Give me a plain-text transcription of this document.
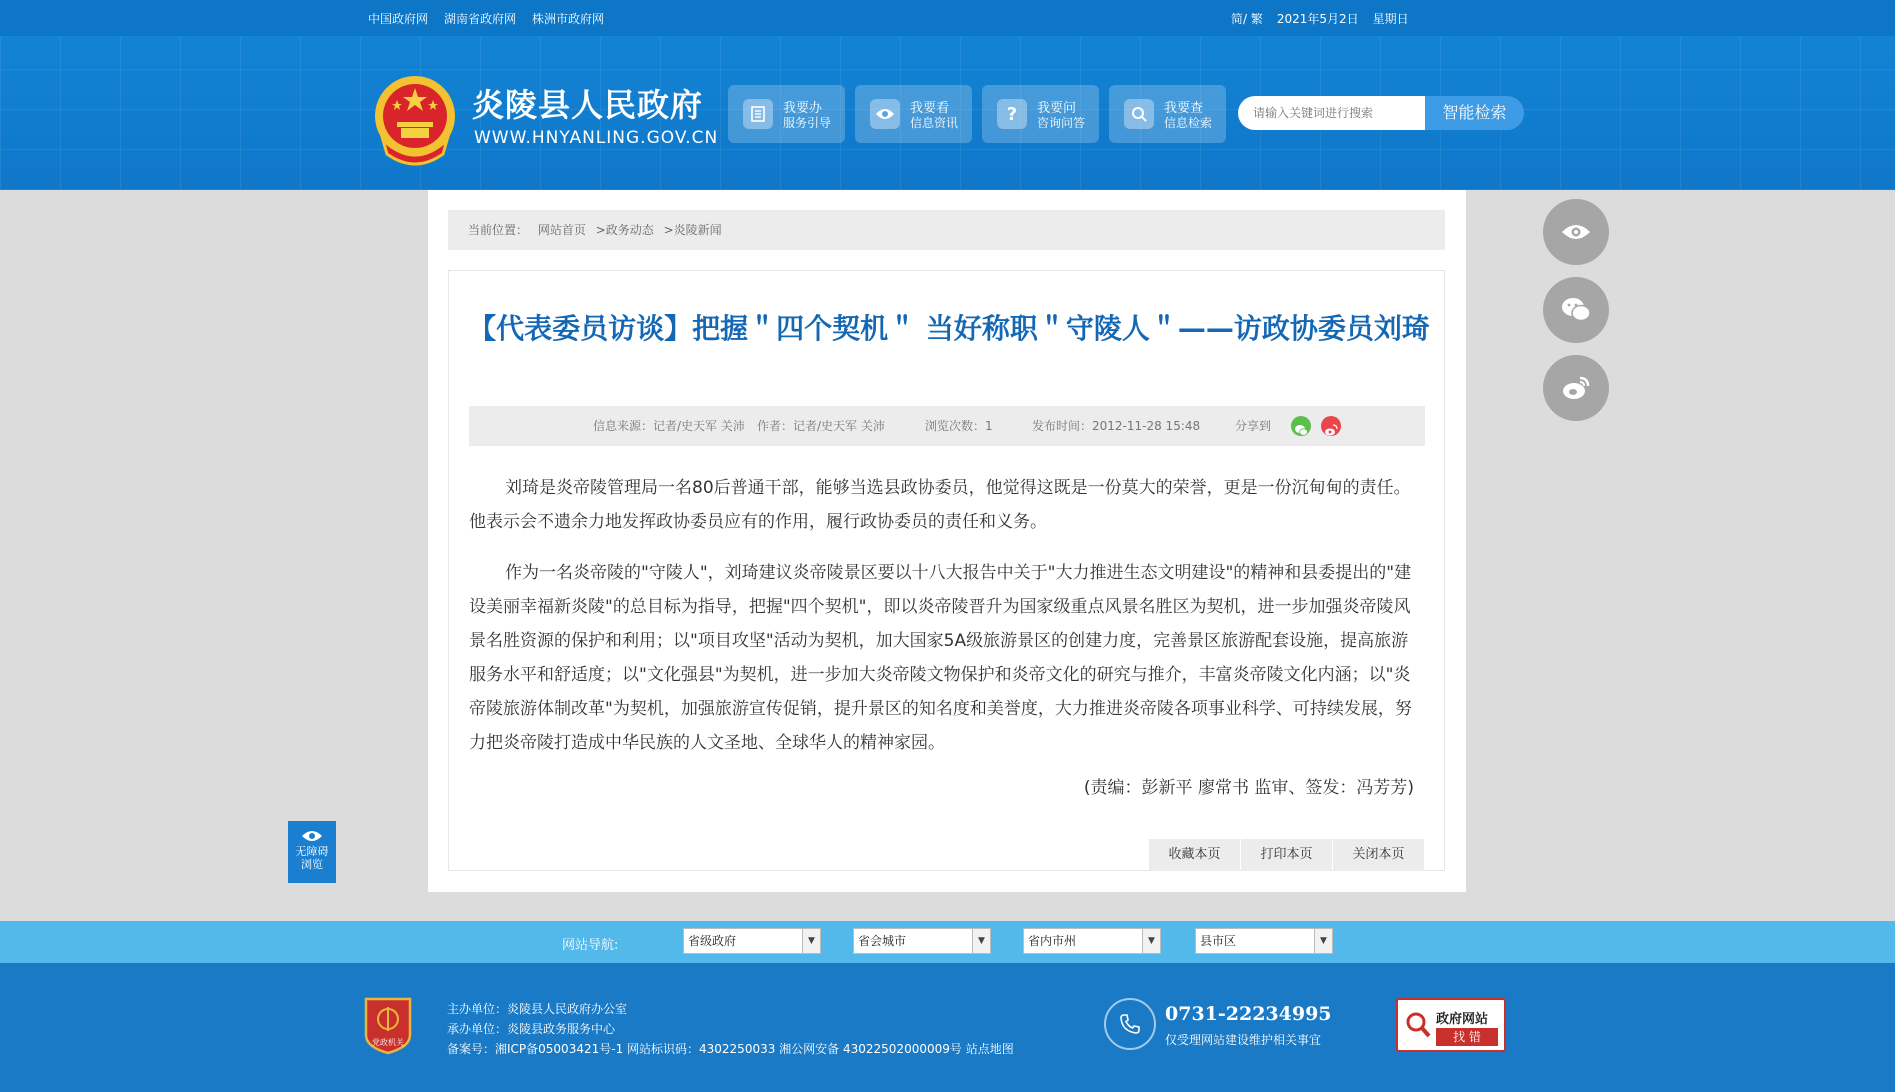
中国政府网 湖南省政府网 株洲市政府网	简/ 繁 2021年5月2日 星期日
炎陵县人民政府
WWW.HNYANLING.GOV.CN
我要办
服务引导
我要看
信息资讯	? 我要问
咨询问答
我要查
信息检索
请输入关键词进行搜索
智能检索
当前位置： 网站首页 >政务动态 >炎陵新闻
【代表委员访谈】把握＂四个契机＂ 当好称职＂守陵人＂——访政协委员刘琦
信息来源：记者/史天军 关沛 作者：记者/史天军 关沛	浏览次数：1	发布时间：2012-11-28 15:48	分享到
刘琦是炎帝陵管理局一名80后普通干部，能够当选县政协委员，他觉得这既是一份莫大的荣誉，更是一份沉甸甸的责任。他表示会不遗余力地发挥政协委员应有的作用，履行政协委员的责任和义务。
作为一名炎帝陵的"守陵人"，刘琦建议炎帝陵景区要以十八大报告中关于"大力推进生态文明建设"的精神和县委提出的"建设美丽幸福新炎陵"的总目标为指导，把握"四个契机"，即以炎帝陵晋升为国家级重点风景名胜区为契机，进一步加强炎帝陵风景名胜资源的保护和利用；以"项目攻坚"活动为契机，加大国家5A级旅游景区的创建力度，完善景区旅游配套设施，提高旅游服务水平和舒适度；以"文化强县"为契机，进一步加大炎帝陵文物保护和炎帝文化的研究与推介，丰富炎帝陵文化内涵；以"炎帝陵旅游体制改革"为契机，加强旅游宣传促销，提升景区的知名度和美誉度，大力推进炎帝陵各项事业科学、可持续发展，努力把炎帝陵打造成中华民族的人文圣地、全球华人的精神家园。
(责编：彭新平 廖常书 监审、签发：冯芳芳)
收藏本页	打印本页	关闭本页
无障碍
浏览
网站导航:	省级政府	▼	省会城市	▼	省内市州	▼	县市区	▼
党政机关
主办单位：炎陵县人民政府办公室
承办单位：炎陵县政务服务中心
备案号：湘ICP备05003421号-1 网站标识码：4302250033 湘公网安备 43022502000009号 站点地图
0731-22234995
仅受理网站建设维护相关事宜
政府网站
找 错
